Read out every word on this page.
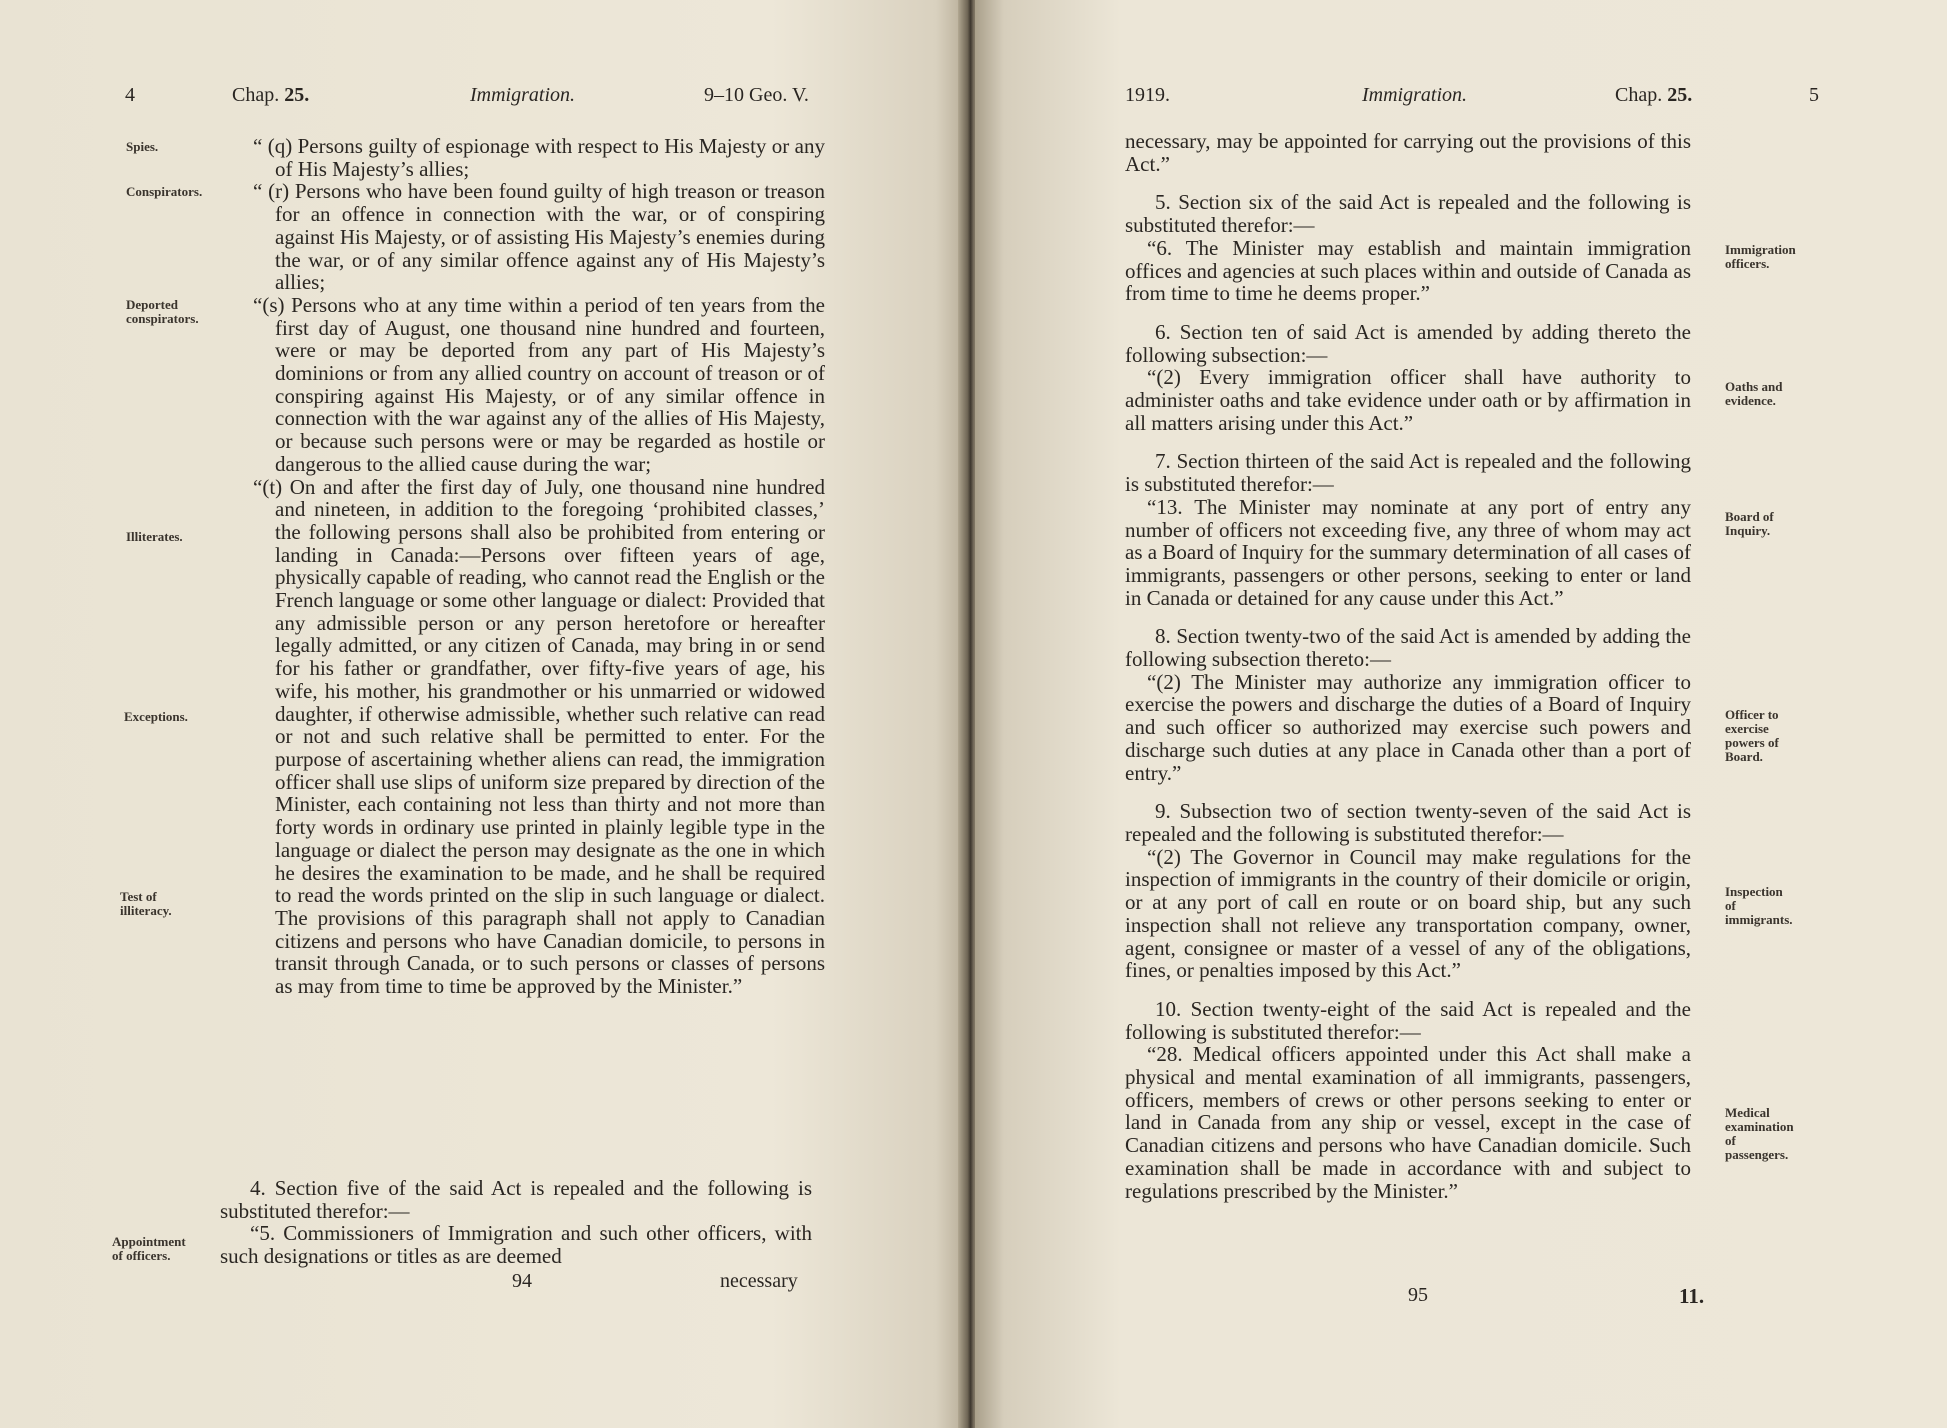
4	Chap. 25.	Immigration.	9–10 Geo. V.
Spies.
Conspirators.
Deported
conspirators.
Illiterates.
Exceptions.
Test of
illiteracy.
Appointment
of officers.

“ (q) Persons guilty of espionage with respect to His Majesty or any of His Majesty’s allies;

“ (r) Persons who have been found guilty of high treason or treason for an offence in connection with the war, or of conspiring against His Majesty, or of assisting His Majesty’s enemies during the war, or of any similar offence against any of His Majesty’s allies;

“(s) Persons who at any time within a period of ten years from the first day of August, one thousand nine hundred and fourteen, were or may be deported from any part of His Majesty’s dominions or from any allied country on account of treason or of conspiring against His Majesty, or of any similar offence in connection with the war against any of the allies of His Majesty, or because such persons were or may be regarded as hostile or dangerous to the allied cause during the war;

“(t) On and after the first day of July, one thousand nine hundred and nineteen, in addition to the foregoing ‘prohibited classes,’ the following persons shall also be prohibited from entering or landing in Canada:—Persons over fifteen years of age, physically capable of reading, who cannot read the English or the French language or some other language or dialect: Provided that any admissible person or any person heretofore or hereafter legally admitted, or any citizen of Canada, may bring in or send for his father or grandfather, over fifty-five years of age, his wife, his mother, his grandmother or his unmarried or widowed daughter, if otherwise admissible, whether such relative can read or not and such relative shall be permitted to enter. For the purpose of ascertaining whether aliens can read, the immigration officer shall use slips of uniform size prepared by direction of the Minister, each containing not less than thirty and not more than forty words in ordinary use printed in plainly legible type in the language or dialect the person may designate as the one in which he desires the examination to be made, and he shall be required to read the words printed on the slip in such language or dialect. The provisions of this paragraph shall not apply to Canadian citizens and persons who have Canadian domicile, to persons in transit through Canada, or to such persons or classes of persons as may from time to time be approved by the Minister.”

4. Section five of the said Act is repealed and the following is substituted therefor:—

“5. Commissioners of Immigration and such other officers, with such designations or titles as are deemed

94	necessary
1919.	Immigration.	Chap. 25.	5

necessary, may be appointed for carrying out the provisions of this Act.”

5. Section six of the said Act is repealed and the following is substituted therefor:—

“6. The Minister may establish and maintain immigration offices and agencies at such places within and outside of Canada as from time to time he deems proper.”

6. Section ten of said Act is amended by adding thereto the following subsection:—

“(2) Every immigration officer shall have authority to administer oaths and take evidence under oath or by affirmation in all matters arising under this Act.”

7. Section thirteen of the said Act is repealed and the following is substituted therefor:—

“13. The Minister may nominate at any port of entry any number of officers not exceeding five, any three of whom may act as a Board of Inquiry for the summary determination of all cases of immigrants, passengers or other persons, seeking to enter or land in Canada or detained for any cause under this Act.”

8. Section twenty-two of the said Act is amended by adding the following subsection thereto:—

“(2) The Minister may authorize any immigration officer to exercise the powers and discharge the duties of a Board of Inquiry and such officer so authorized may exercise such powers and discharge such duties at any place in Canada other than a port of entry.”

9. Subsection two of section twenty-seven of the said Act is repealed and the following is substituted therefor:—

“(2) The Governor in Council may make regulations for the inspection of immigrants in the country of their domicile or origin, or at any port of call en route or on board ship, but any such inspection shall not relieve any transportation company, owner, agent, consignee or master of a vessel of any of the obligations, fines, or penalties imposed by this Act.”

10. Section twenty-eight of the said Act is repealed and the following is substituted therefor:—

“28. Medical officers appointed under this Act shall make a physical and mental examination of all immigrants, passengers, officers, members of crews or other persons seeking to enter or land in Canada from any ship or vessel, except in the case of Canadian citizens and persons who have Canadian domicile. Such examination shall be made in accordance with and subject to regulations prescribed by the Minister.”

Immigration
officers.
Oaths and
evidence.
Board of
Inquiry.
Officer to
exercise
powers of
Board.
Inspection
of
immigrants.
Medical
examination
of
passengers.
95	11.
